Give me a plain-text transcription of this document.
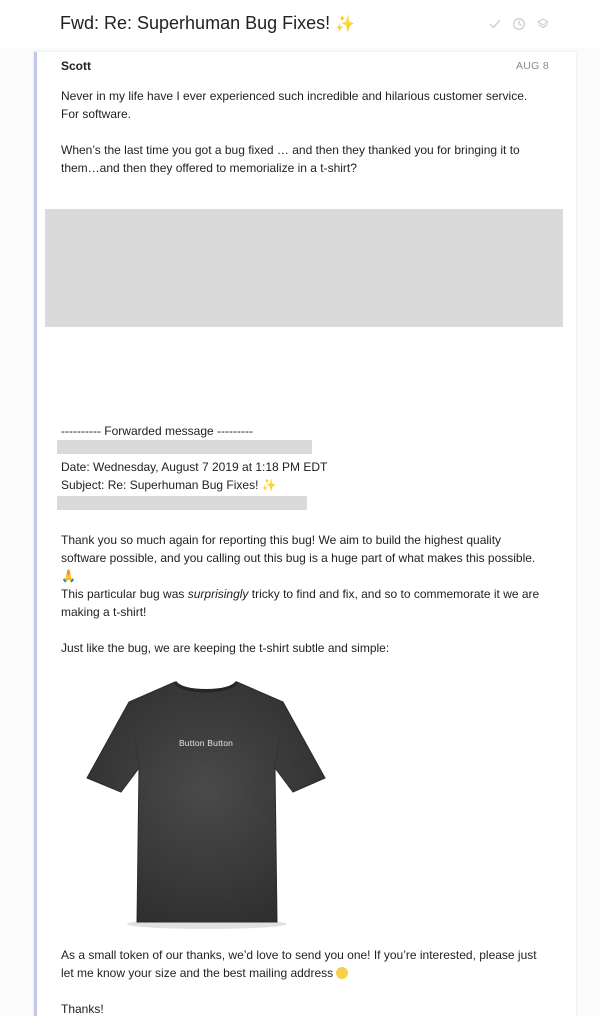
Fwd: Re: Superhuman Bug Fixes! ✨
Scott	AUG 8
Never in my life have I ever experienced such incredible and hilarious customer service. For software.
When’s the last time you got a bug fixed … and then they thanked you for bringing it to them…and then they offered to memorialize in a t-shirt?
---------- Forwarded message ---------
Date: Wednesday, August 7 2019 at 1:18 PM EDT
Subject: Re: Superhuman Bug Fixes! ✨
Thank you so much again for reporting this bug! We aim to build the highest quality software possible, and you calling out this bug is a huge part of what makes this possible. 🙏
This particular bug was surprisingly tricky to find and fix, and so to commemorate it we are making a t-shirt!
Just like the bug, we are keeping the t-shirt subtle and simple:
Button Button
As a small token of our thanks, we’d love to send you one! If you’re interested, please just let me know your size and the best mailing address
Thanks!
